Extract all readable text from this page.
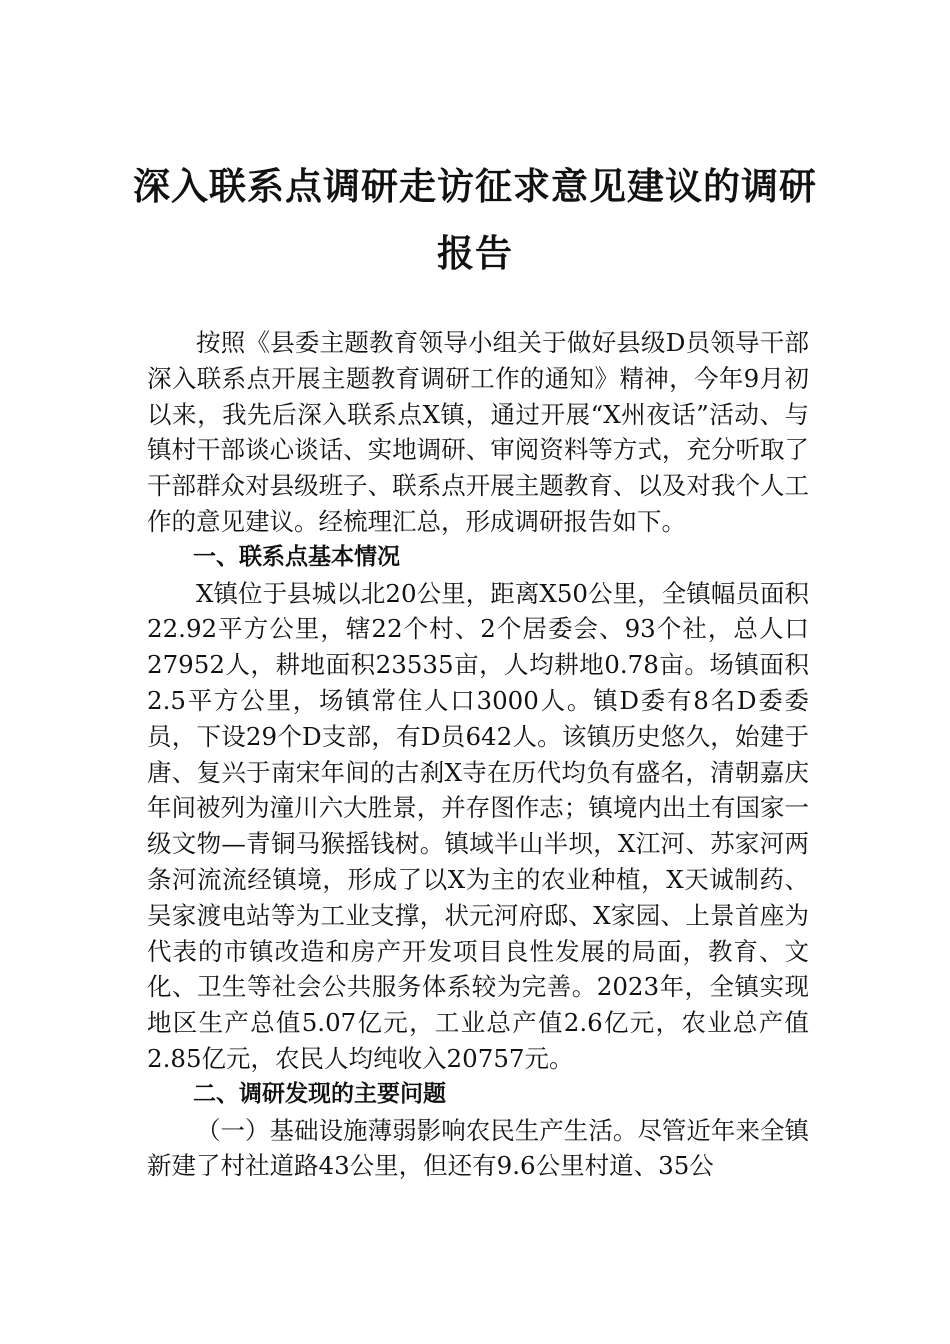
深入联系点调研走访征求意见建议的调研
报告

按照《县委主题教育领导小组关于做好县级D员领导干部深入联系点开展主题教育调研工作的通知》精神，今年9月初以来，我先后深入联系点X镇，通过开展“X州夜话”活动、与镇村干部谈心谈话、实地调研、审阅资料等方式，充分听取了干部群众对县级班子、联系点开展主题教育、以及对我个人工作的意见建议。经梳理汇总，形成调研报告如下。

一、联系点基本情况

X镇位于县城以北20公里，距离X50公里，全镇幅员面积22.92平方公里，辖22个村、2个居委会、93个社，总人口27952人，耕地面积23535亩，人均耕地0.78亩。场镇面积2.5平方公里，场镇常住人口3000人。镇D委有8名D委委员，下设29个D支部，有D员642人。该镇历史悠久，始建于唐、复兴于南宋年间的古刹X寺在历代均负有盛名，清朝嘉庆年间被列为潼川六大胜景，并存图作志；镇境内出土有国家一级文物—青铜马猴摇钱树。镇域半山半坝，X江河、苏家河两条河流流经镇境，形成了以X为主的农业种植，X天诚制药、吴家渡电站等为工业支撑，状元河府邸、X家园、上景首座为代表的市镇改造和房产开发项目良性发展的局面，教育、文化、卫生等社会公共服务体系较为完善。2023年，全镇实现地区生产总值5.07亿元，工业总产值2.6亿元，农业总产值2.85亿元，农民人均纯收入20757元。

二、调研发现的主要问题

（一）基础设施薄弱影响农民生产生活。尽管近年来全镇新建了村社道路43公里，但还有9.6公里村道、35公
